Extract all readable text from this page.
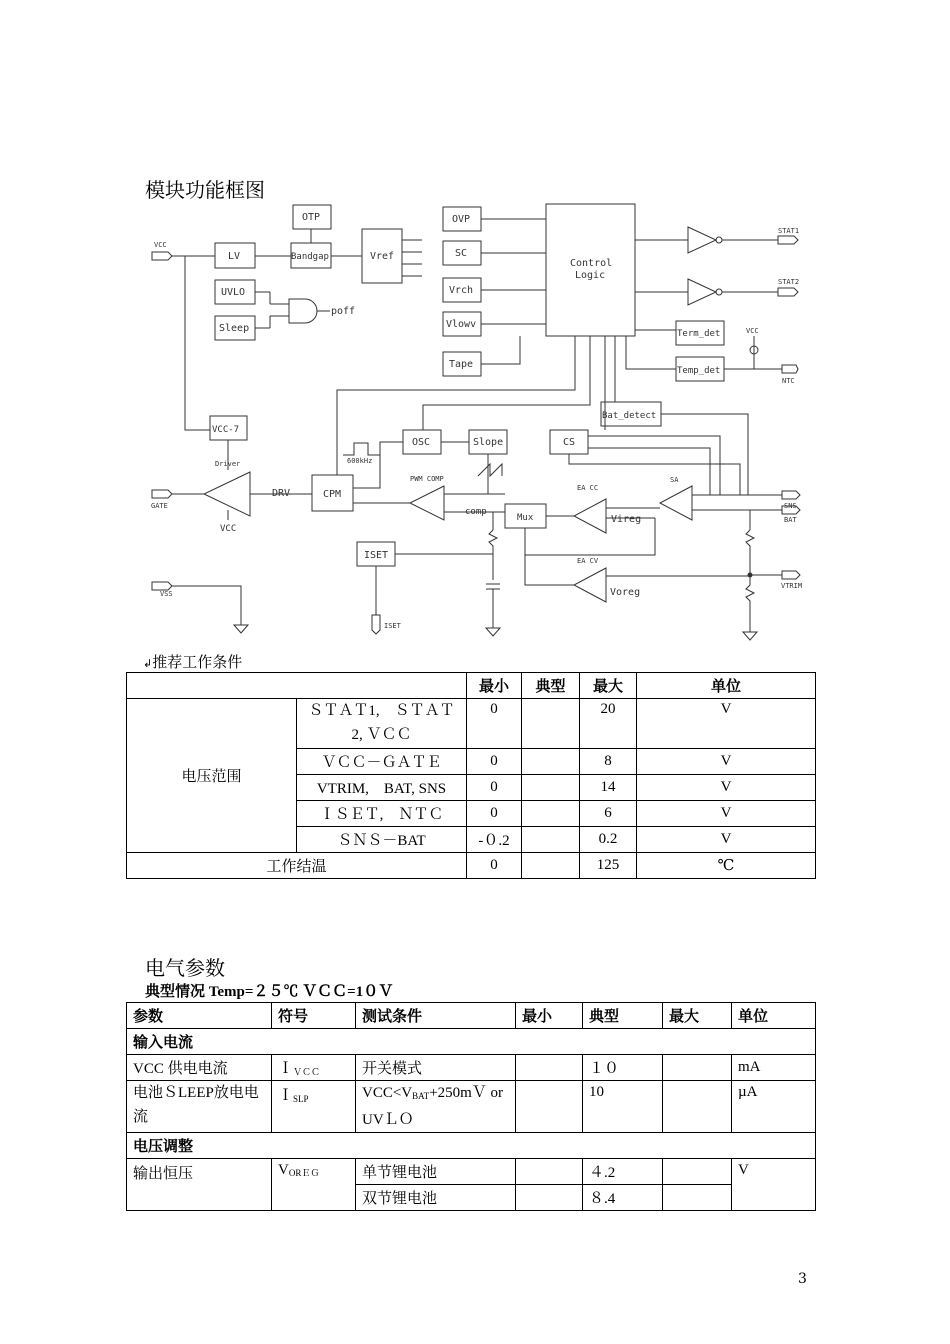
模块功能框图
VCC
LV
UVLO
Sleep
OTP
Bandgap	Vref
poff
OVP
SC
Vrch
Vlowv
Tape
Control
Logic
STAT1
STAT2
Term_det
Temp_det
VCC
NTC
Bat_detect
VCC-7
Driver
VCC
GATE
DRV	CPM
OSC
600kHz
Slope	CS
PWM COMP
comp
Mux
EA CC
Vireg
SA
SNS
BAT
VTRIM
EA CV
Voreg
ISET
ISET
VSS
↲推荐工作条件
		最小	典型	最大	单位
电压范围	ＳＴＡＴ1,　ＳＴＡＴ2, ＶＣＣ	0		20	V
	ＶＣＣ－ＧＡＴＥ	0		8	V
	VTRIM,　BAT, SNS	0		14	V
	ＩＳＥＴ,　ＮＴＣ	0		6	V
	ＳＮＳ－BAT	-０.2		0.2	V
工作结温		0		125	℃
电气参数
典型情况 Temp=２５℃ ＶＣＣ=1０Ｖ
参数	符号	测试条件	最小	典型	最大	单位
输入电流						
VCC 供电电流	Ｉ$_{VCC}$	开关模式		１０		mA
电池ＳLEEP放电电流	Ｉ$_{SLP}$	$VCC<V_{BAT}+250mV$ or UVＬＯ		10		µA
电压调整						
输出恒压	$V_{OREG}$	单节锂电池		４.2		V
		双节锂电池		８.4		
3
